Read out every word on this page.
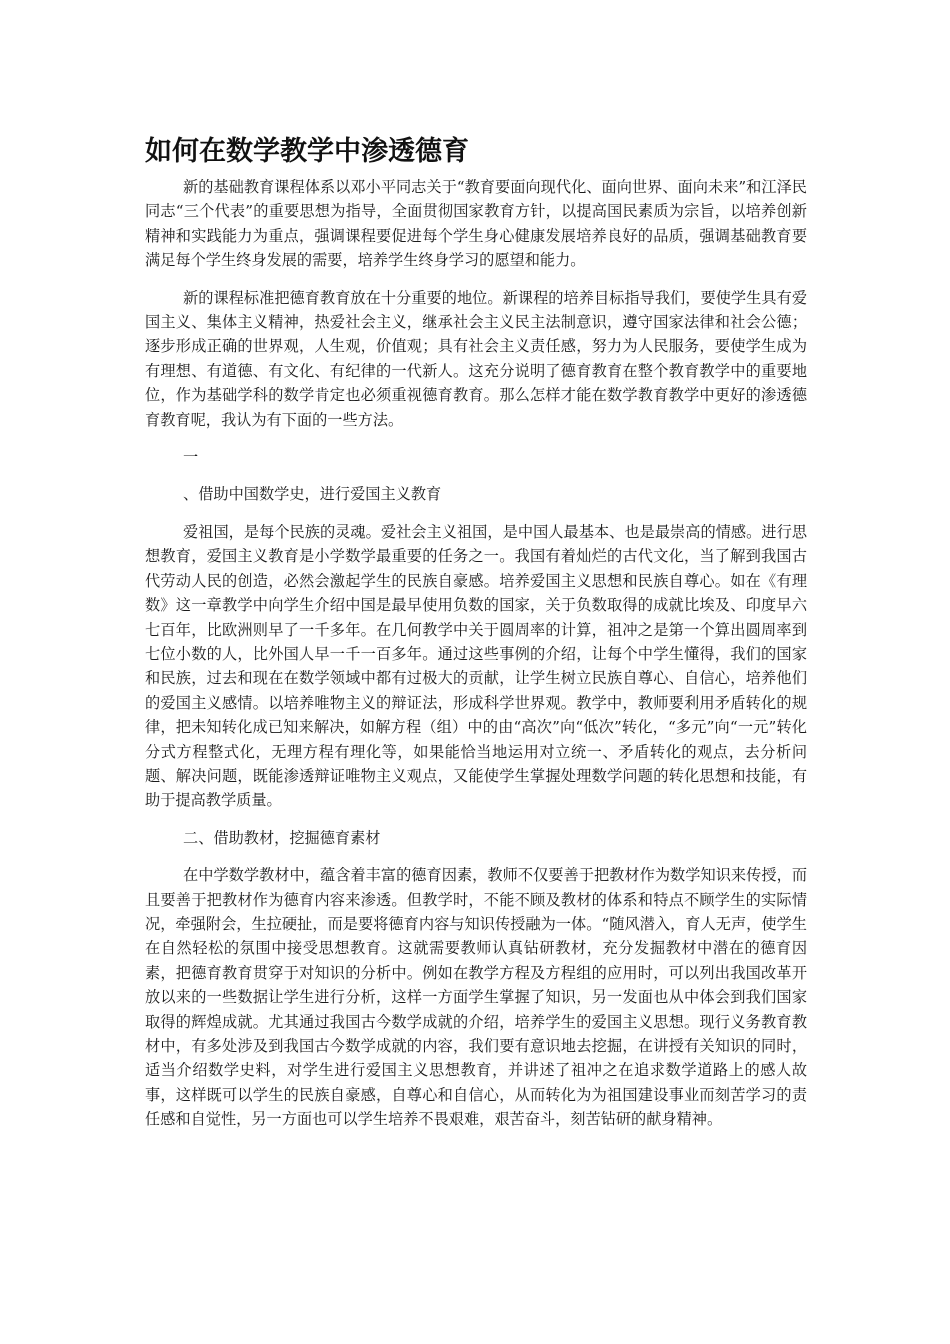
如何在数学教学中渗透德育

新的基础教育课程体系以邓小平同志关于“教育要面向现代化、面向世界、面向未来”和江泽民同志“三个代表”的重要思想为指导，全面贯彻国家教育方针，以提高国民素质为宗旨，以培养创新精神和实践能力为重点，强调课程要促进每个学生身心健康发展培养良好的品质，强调基础教育要满足每个学生终身发展的需要，培养学生终身学习的愿望和能力。

新的课程标准把德育教育放在十分重要的地位。新课程的培养目标指导我们，要使学生具有爱国主义、集体主义精神，热爱社会主义，继承社会主义民主法制意识，遵守国家法律和社会公德；逐步形成正确的世界观，人生观，价值观；具有社会主义责任感，努力为人民服务，要使学生成为有理想、有道德、有文化、有纪律的一代新人。这充分说明了德育教育在整个教育教学中的重要地位，作为基础学科的数学肯定也必须重视德育教育。那么怎样才能在数学教育教学中更好的渗透德育教育呢，我认为有下面的一些方法。

一

、借助中国数学史，进行爱国主义教育

爱祖国，是每个民族的灵魂。爱社会主义祖国，是中国人最基本、也是最崇高的情感。进行思想教育，爱国主义教育是小学数学最重要的任务之一。我国有着灿烂的古代文化，当了解到我国古代劳动人民的创造，必然会激起学生的民族自豪感。培养爱国主义思想和民族自尊心。如在《有理数》这一章教学中向学生介绍中国是最早使用负数的国家，关于负数取得的成就比埃及、印度早六七百年，比欧洲则早了一千多年。在几何教学中关于圆周率的计算，祖冲之是第一个算出圆周率到七位小数的人，比外国人早一千一百多年。通过这些事例的介绍，让每个中学生懂得，我们的国家和民族，过去和现在在数学领域中都有过极大的贡献，让学生树立民族自尊心、自信心，培养他们的爱国主义感情。以培养唯物主义的辩证法，形成科学世界观。教学中，教师要利用矛盾转化的规律，把未知转化成已知来解决，如解方程（组）中的由“高次”向“低次”转化，“多元”向“一元”转化分式方程整式化，无理方程有理化等，如果能恰当地运用对立统一、矛盾转化的观点，去分析问题、解决问题，既能渗透辩证唯物主义观点，又能使学生掌握处理数学问题的转化思想和技能，有助于提高教学质量。

二、借助教材，挖掘德育素材

在中学数学教材中，蕴含着丰富的德育因素，教师不仅要善于把教材作为数学知识来传授，而且要善于把教材作为德育内容来渗透。但教学时，不能不顾及教材的体系和特点不顾学生的实际情况，牵强附会，生拉硬扯，而是要将德育内容与知识传授融为一体。“随风潜入，育人无声，使学生在自然轻松的氛围中接受思想教育。这就需要教师认真钻研教材，充分发掘教材中潜在的德育因素，把德育教育贯穿于对知识的分析中。例如在教学方程及方程组的应用时，可以列出我国改革开放以来的一些数据让学生进行分析，这样一方面学生掌握了知识，另一发面也从中体会到我们国家取得的辉煌成就。尤其通过我国古今数学成就的介绍，培养学生的爱国主义思想。现行义务教育教材中，有多处涉及到我国古今数学成就的内容，我们要有意识地去挖掘，在讲授有关知识的同时，适当介绍数学史料，对学生进行爱国主义思想教育，并讲述了祖冲之在追求数学道路上的感人故事，这样既可以学生的民族自豪感，自尊心和自信心，从而转化为为祖国建设事业而刻苦学习的责任感和自觉性，另一方面也可以学生培养不畏艰难，艰苦奋斗，刻苦钻研的献身精神。
